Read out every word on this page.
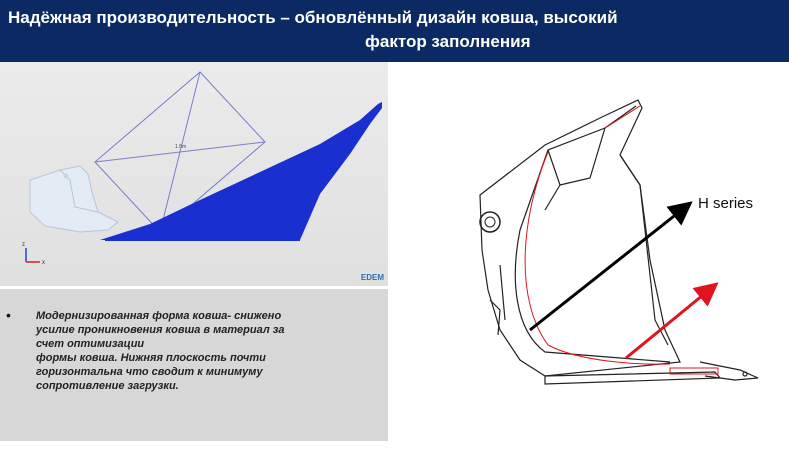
Надёжная производительность – обновлённый дизайн ковша, высокий
фактор заполнения
1.5m
z
x
EDEM
• Модернизированная форма ковша- снижено
усилие проникновения ковша в материал за
счет оптимизации
формы ковша. Нижняя плоскость почти
горизонтальна что сводит к минимуму
сопротивление загрузки.
H series
